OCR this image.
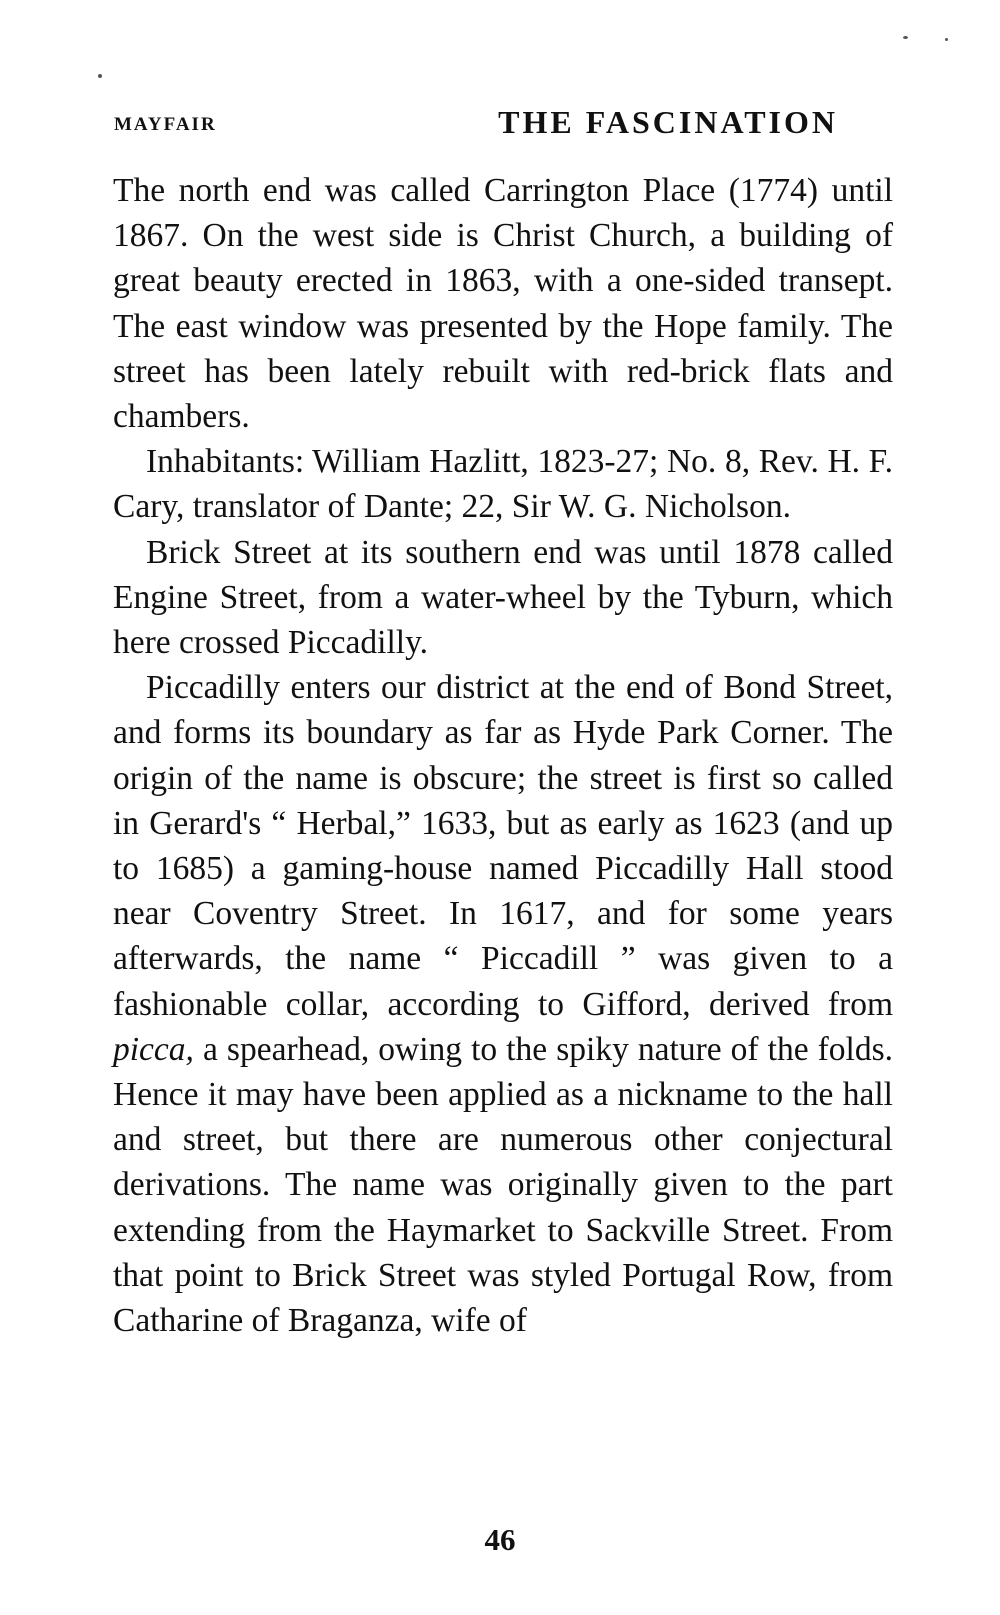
MAYFAIR	THE FASCINATION

The north end was called Carrington Place (1774) until 1867. On the west side is Christ Church, a building of great beauty erected in 1863, with a one-sided transept. The east window was presented by the Hope family. The street has been lately rebuilt with red-brick flats and chambers.

Inhabitants: William Hazlitt, 1823-27; No. 8, Rev. H. F. Cary, translator of Dante; 22, Sir W. G. Nicholson.

Brick Street at its southern end was until 1878 called Engine Street, from a water-wheel by the Tyburn, which here crossed Piccadilly.

Piccadilly enters our district at the end of Bond Street, and forms its boundary as far as Hyde Park Corner. The origin of the name is obscure; the street is first so called in Gerard's “ Herbal,” 1633, but as early as 1623 (and up to 1685) a gaming-house named Piccadilly Hall stood near Coventry Street. In 1617, and for some years afterwards, the name “ Piccadill ” was given to a fashionable collar, according to Gifford, derived from picca, a spearhead, owing to the spiky nature of the folds. Hence it may have been applied as a nickname to the hall and street, but there are numerous other conjectural derivations. The name was originally given to the part extending from the Haymarket to Sackville Street. From that point to Brick Street was styled Portugal Row, from Catharine of Braganza, wife of

46
